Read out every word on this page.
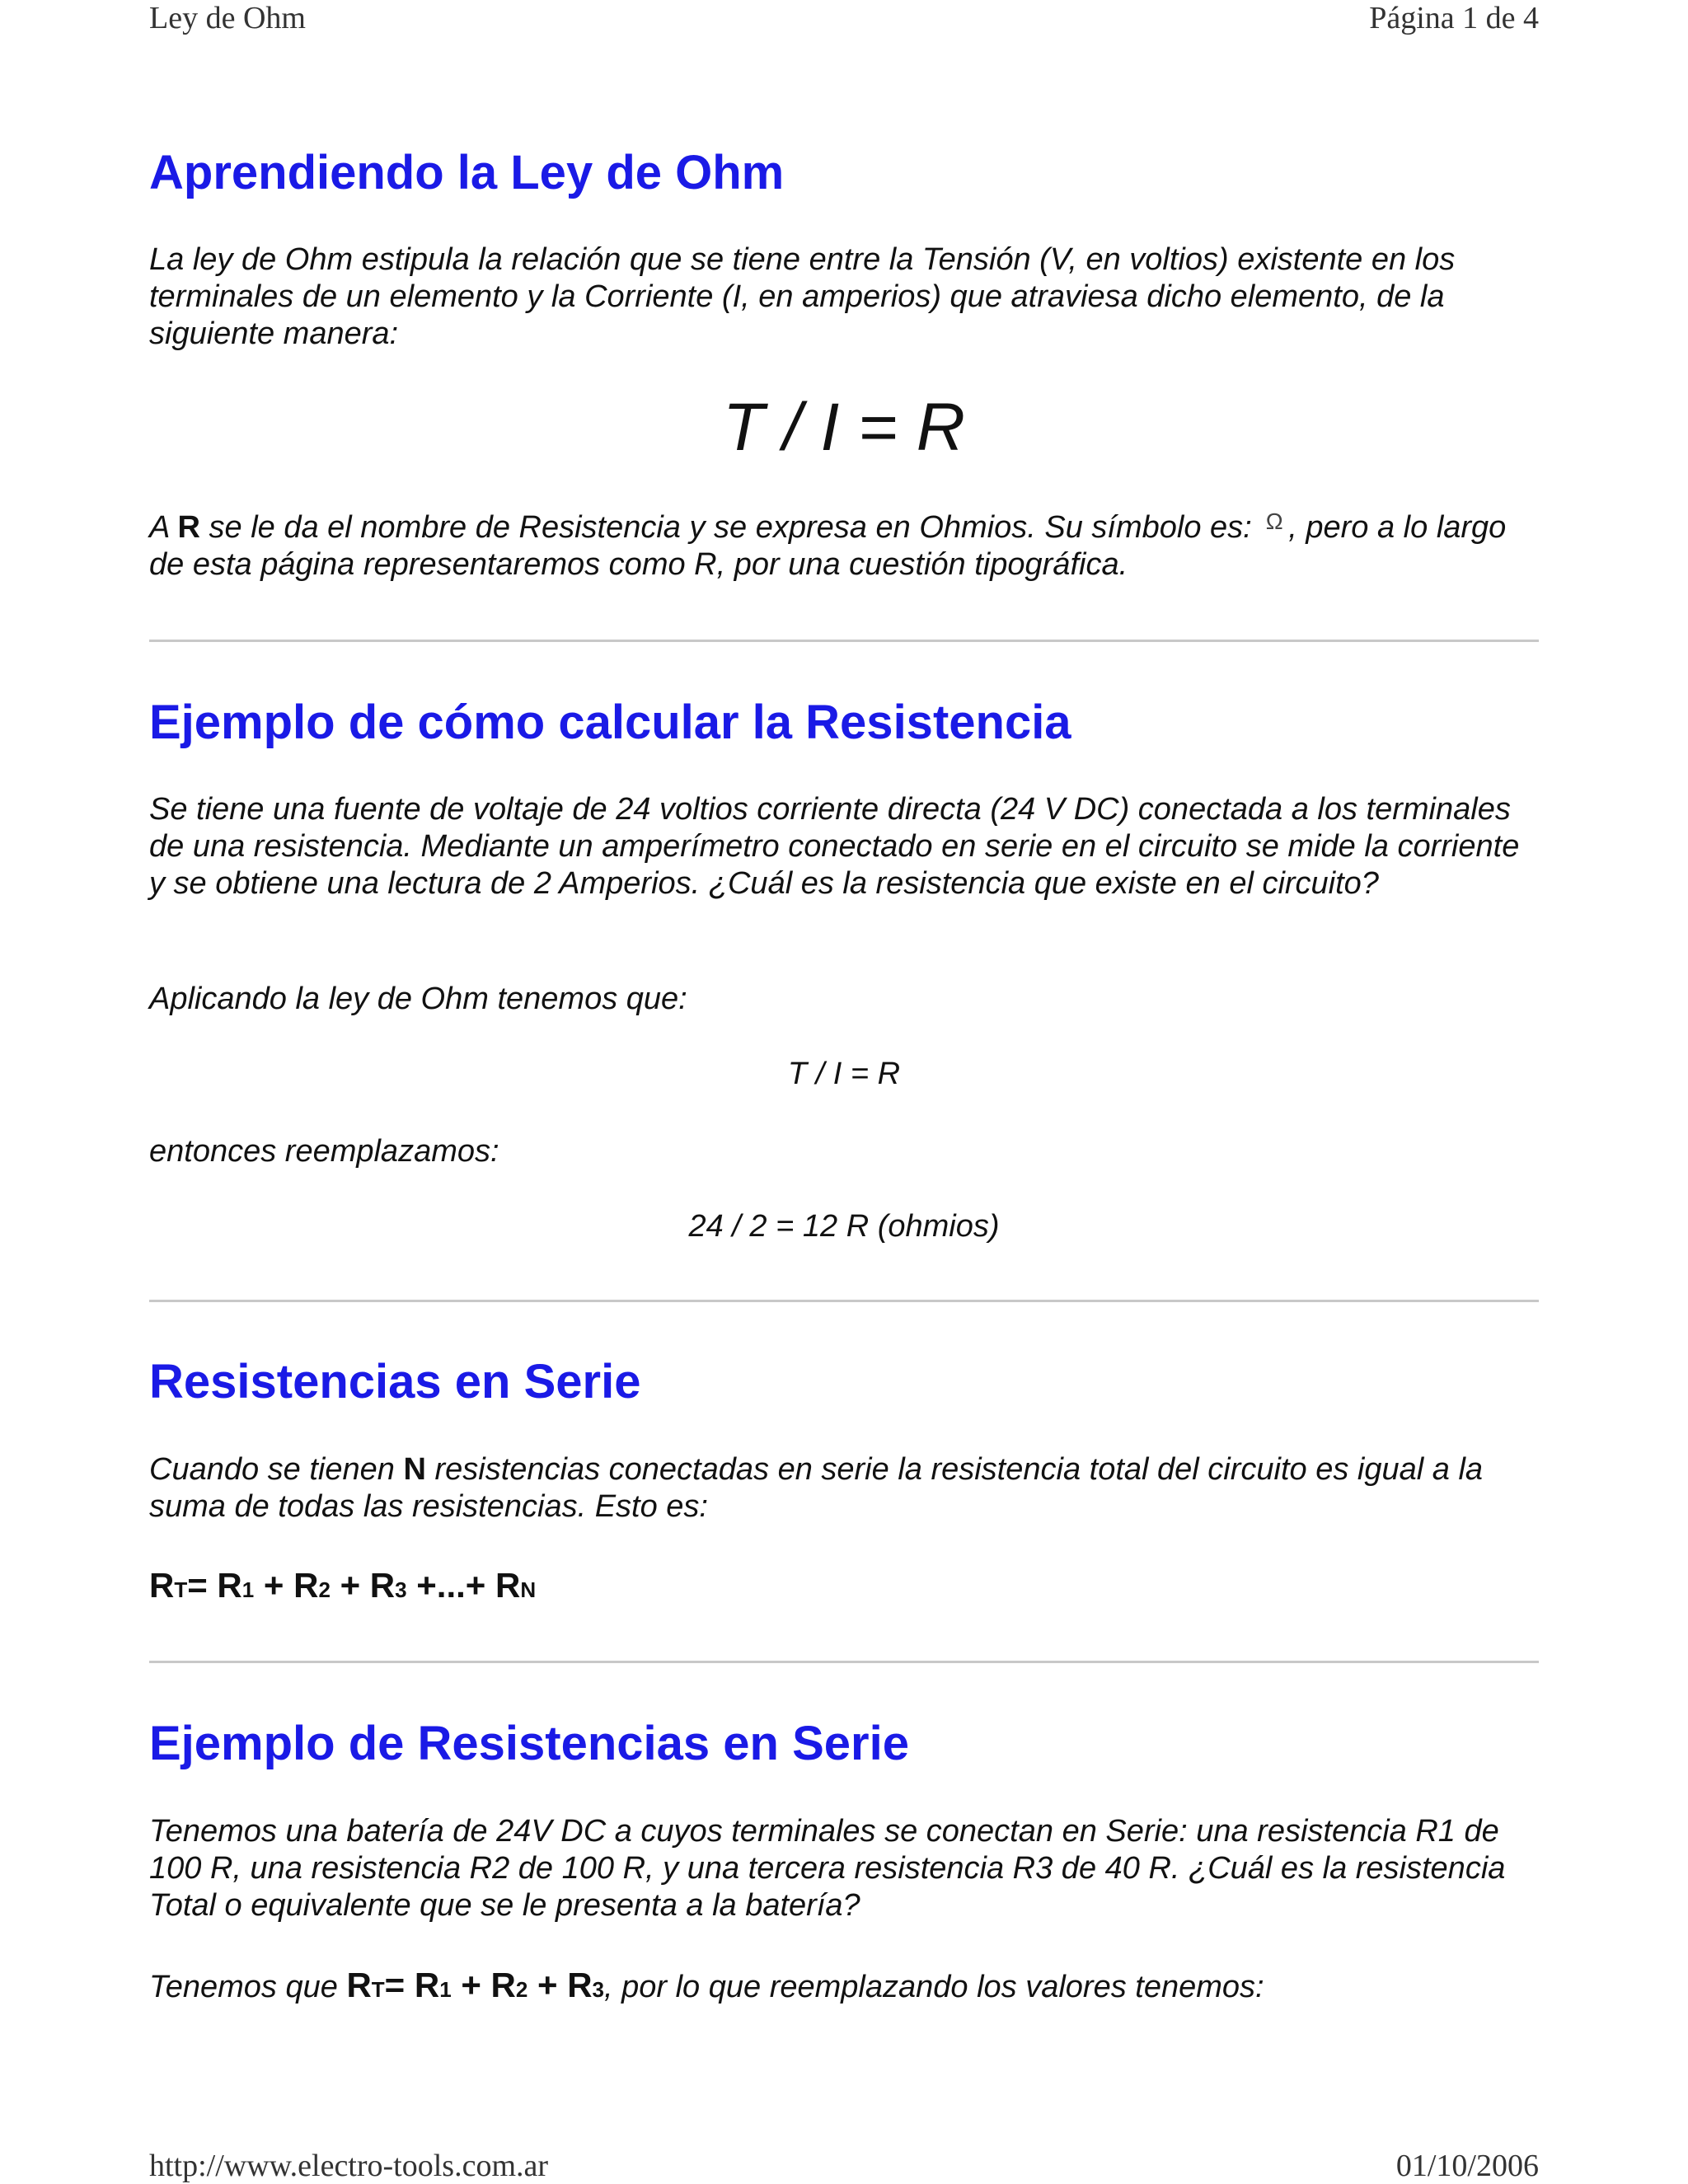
Ley de Ohm	Página 1 de 4
Aprendiendo la Ley de Ohm

La ley de Ohm estipula la relación que se tiene entre la Tensión (V, en voltios) existente en los terminales de un elemento y la Corriente (I, en amperios) que atraviesa dicho elemento, de la siguiente manera:

T / I = R

A R se le da el nombre de Resistencia y se expresa en Ohmios. Su símbolo es: Ω , pero a lo largo de esta página representaremos como R, por una cuestión tipográfica.

Ejemplo de cómo calcular la Resistencia

Se tiene una fuente de voltaje de 24 voltios corriente directa (24 V DC) conectada a los terminales de una resistencia. Mediante un amperímetro conectado en serie en el circuito se mide la corriente y se obtiene una lectura de 2 Amperios. ¿Cuál es la resistencia que existe en el circuito?

Aplicando la ley de Ohm tenemos que:

T / I = R

entonces reemplazamos:

24 / 2 = 12 R (ohmios)

Resistencias en Serie

Cuando se tienen N resistencias conectadas en serie la resistencia total del circuito es igual a la suma de todas las resistencias. Esto es:

RT= R1 + R2 + R3 +...+ RN

Ejemplo de Resistencias en Serie

Tenemos una batería de 24V DC a cuyos terminales se conectan en Serie: una resistencia R1 de 100 R, una resistencia R2 de 100 R, y una tercera resistencia R3 de 40 R. ¿Cuál es la resistencia Total o equivalente que se le presenta a la batería?

Tenemos que RT= R1 + R2 + R3, por lo que reemplazando los valores tenemos:

http://www.electro-tools.com.ar	01/10/2006
